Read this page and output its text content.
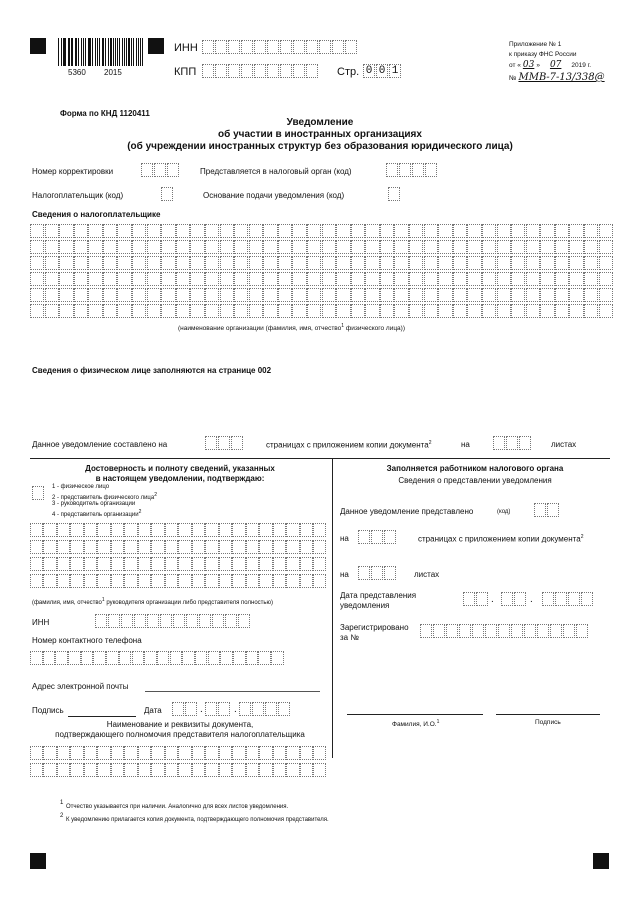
5360 2015
ИНН
КПП	Стр. 0 0 1
Приложение № 1
к приказу ФНС России
от « 03 » 07 2019 г.
№ ММВ-7-13/338@
Форма по КНД 1120411
Уведомление
об участии в иностранных организациях
(об учреждении иностранных структур без образования юридического лица)
Номер корректировки	Представляется в налоговый орган (код)
Налогоплательщик (код)	Основание подачи уведомления (код)
Сведения о налогоплательщике
(наименование организации (фамилия, имя, отчество$^1$ физического лица))
Сведения о физическом лице заполняются на странице 002
Данное уведомление составлено на	страницах с приложением копии документа$^2$	на	листах
Достоверность и полноту сведений, указанных
в настоящем уведомлении, подтверждаю:
1 - физическое лицо
2 - представитель физического лица$^2$
3 - руководитель организации
4 - представитель организации$^2$
(фамилия, имя, отчество$^1$ руководителя организации либо представителя полностью)
ИНН
Номер контактного телефона
Адрес электронной почты
Подпись	Дата	.	.
Наименование и реквизиты документа,
подтверждающего полномочия представителя налогоплательщика
Заполняется работником налогового органа
Сведения о представлении уведомления
Данное уведомление представлено	(код)
на	страницах с приложением копии документа$^2$
на	листах
Дата представления
уведомления
.	.
Зарегистрировано
за №
Фамилия, И.О.$^1$	Подпись
1
Отчество указывается при наличии. Аналогично для всех листов уведомления.
2
К уведомлению прилагается копия документа, подтверждающего полномочия представителя.
